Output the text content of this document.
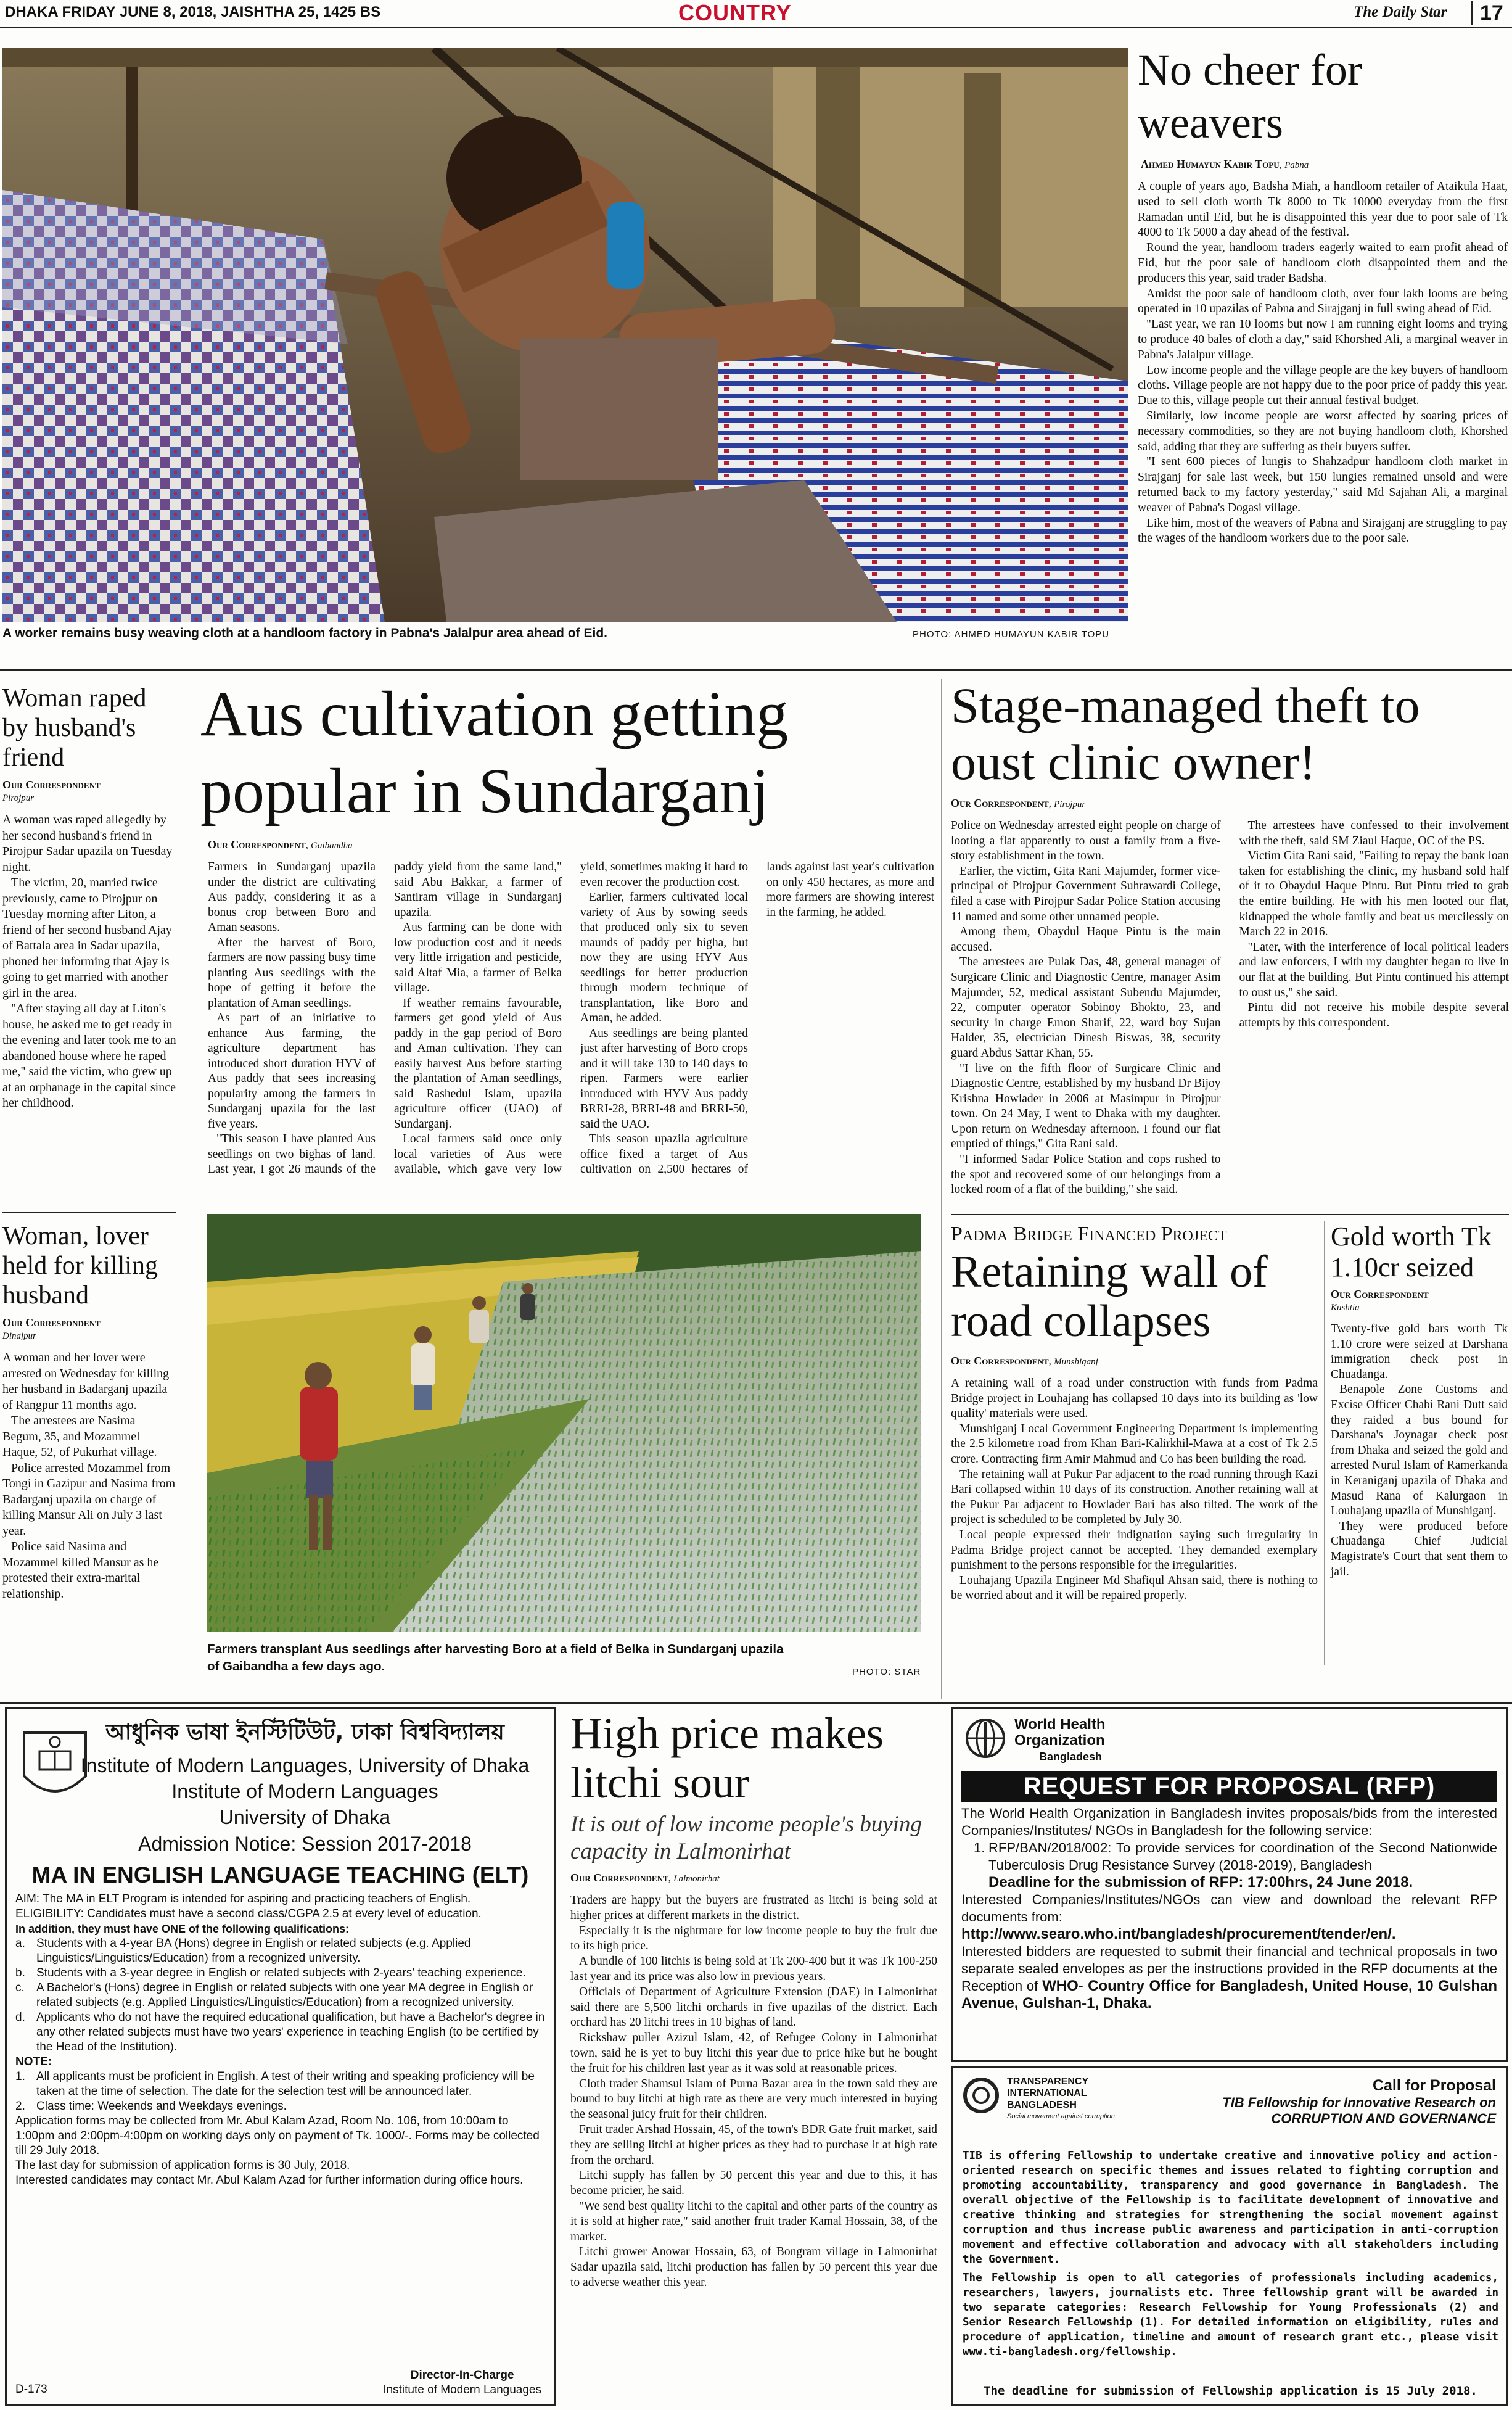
DHAKA FRIDAY JUNE 8, 2018, JAISHTHA 25, 1425 BS	COUNTRY	The Daily Star	17
A worker remains busy weaving cloth at a handloom factory in Pabna's Jalalpur area ahead of Eid.	PHOTO: AHMED HUMAYUN KABIR TOPU
No cheer for weavers
Ahmed Humayun Kabir Topu, Pabna

A couple of years ago, Badsha Miah, a handloom retailer of Ataikula Haat, used to sell cloth worth Tk 8000 to Tk 10000 everyday from the first Ramadan until Eid, but he is disappointed this year due to poor sale of Tk 4000 to Tk 5000 a day ahead of the festival.

Round the year, handloom traders eagerly waited to earn profit ahead of Eid, but the poor sale of handloom cloth disappointed them and the producers this year, said trader Badsha.

Amidst the poor sale of handloom cloth, over four lakh looms are being operated in 10 upazilas of Pabna and Sirajganj in full swing ahead of Eid.

"Last year, we ran 10 looms but now I am running eight looms and trying to produce 40 bales of cloth a day," said Khorshed Ali, a marginal weaver in Pabna's Jalalpur village.

Low income people and the village people are the key buyers of handloom cloths. Village people are not happy due to the poor price of paddy this year. Due to this, village people cut their annual festival budget.

Similarly, low income people are worst affected by soaring prices of necessary commodities, so they are not buying handloom cloth, Khorshed said, adding that they are suffering as their buyers suffer.

"I sent 600 pieces of lungis to Shahzadpur handloom cloth market in Sirajganj for sale last week, but 150 lungies remained unsold and were returned back to my factory yesterday," said Md Sajahan Ali, a marginal weaver of Pabna's Dogasi village.

Like him, most of the weavers of Pabna and Sirajganj are struggling to pay the wages of the handloom workers due to the poor sale.

Woman raped by husband's friend
Our Correspondent
Pirojpur

A woman was raped allegedly by her second husband's friend in Pirojpur Sadar upazila on Tuesday night.

The victim, 20, married twice previously, came to Pirojpur on Tuesday morning after Liton, a friend of her second husband Ajay of Battala area in Sadar upazila, phoned her informing that Ajay is going to get married with another girl in the area.

"After staying all day at Liton's house, he asked me to get ready in the evening and later took me to an abandoned house where he raped me," said the victim, who grew up at an orphanage in the capital since her childhood.

Woman, lover held for killing husband
Our Correspondent
Dinajpur

A woman and her lover were arrested on Wednesday for killing her husband in Badarganj upazila of Rangpur 11 months ago.

The arrestees are Nasima Begum, 35, and Mozammel Haque, 52, of Pukurhat village.

Police arrested Mozammel from Tongi in Gazipur and Nasima from Badarganj upazila on charge of killing Mansur Ali on July 3 last year.

Police said Nasima and Mozammel killed Mansur as he protested their extra-marital relationship.

Aus cultivation getting popular in Sundarganj
Our Correspondent, Gaibandha

Farmers in Sundarganj upazila under the district are cultivating Aus paddy, considering it as a bonus crop between Boro and Aman seasons.

After the harvest of Boro, farmers are now passing busy time planting Aus seedlings with the hope of getting it before the plantation of Aman seedlings.

As part of an initiative to enhance Aus farming, the agriculture department has introduced short duration HYV of Aus paddy that sees increasing popularity among the farmers in Sundarganj upazila for the last five years.

"This season I have planted Aus seedlings on two bighas of land. Last year, I got 26 maunds of the paddy yield from the same land," said Abu Bakkar, a farmer of Santiram village in Sundarganj upazila.

Aus farming can be done with low production cost and it needs very little irrigation and pesticide, said Altaf Mia, a farmer of Belka village.

If weather remains favourable, farmers get good yield of Aus paddy in the gap period of Boro and Aman cultivation. They can easily harvest Aus before starting the plantation of Aman seedlings, said Rashedul Islam, upazila agriculture officer (UAO) of Sundarganj.

Local farmers said once only local varieties of Aus were available, which gave very low yield, sometimes making it hard to even recover the production cost.

Earlier, farmers cultivated local variety of Aus by sowing seeds that produced only six to seven maunds of paddy per bigha, but now they are using HYV Aus seedlings for better production through modern technique of transplantation, like Boro and Aman, he added.

Aus seedlings are being planted just after harvesting of Boro crops and it will take 130 to 140 days to ripen. Farmers were earlier introduced with HYV Aus paddy BRRI-28, BRRI-48 and BRRI-50, said the UAO.

This season upazila agriculture office fixed a target of Aus cultivation on 2,500 hectares of lands against last year's cultivation on only 450 hectares, as more and more farmers are showing interest in the farming, he added.

Farmers transplant Aus seedlings after harvesting Boro at a field of Belka in Sundarganj upazila of Gaibandha a few days ago.	PHOTO: STAR
Stage-managed theft to oust clinic owner!
Our Correspondent, Pirojpur

Police on Wednesday arrested eight people on charge of looting a flat apparently to oust a family from a five-story establishment in the town.

Earlier, the victim, Gita Rani Majumder, former vice-principal of Pirojpur Government Suhrawardi College, filed a case with Pirojpur Sadar Police Station accusing 11 named and some other unnamed people.

Among them, Obaydul Haque Pintu is the main accused.

The arrestees are Pulak Das, 48, general manager of Surgicare Clinic and Diagnostic Centre, manager Asim Majumder, 52, medical assistant Subendu Majumder, 22, computer operator Sobinoy Bhokto, 23, and security in charge Emon Sharif, 22, ward boy Sujan Halder, 35, electrician Dinesh Biswas, 38, security guard Abdus Sattar Khan, 55.

"I live on the fifth floor of Surgicare Clinic and Diagnostic Centre, established by my husband Dr Bijoy Krishna Howlader in 2006 at Masimpur in Pirojpur town. On 24 May, I went to Dhaka with my daughter. Upon return on Wednesday afternoon, I found our flat emptied of things," Gita Rani said.

"I informed Sadar Police Station and cops rushed to the spot and recovered some of our belongings from a locked room of a flat of the building," she said.

The arrestees have confessed to their involvement with the theft, said SM Ziaul Haque, OC of the PS.

Victim Gita Rani said, "Failing to repay the bank loan taken for establishing the clinic, my husband sold half of it to Obaydul Haque Pintu. But Pintu tried to grab the entire building. He with his men looted our flat, kidnapped the whole family and beat us mercilessly on March 22 in 2016.

"Later, with the interference of local political leaders and law enforcers, I with my daughter began to live in our flat at the building. But Pintu continued his attempt to oust us," she said.

Pintu did not receive his mobile despite several attempts by this correspondent.

Padma Bridge Financed Project
Retaining wall of road collapses
Our Correspondent, Munshiganj

A retaining wall of a road under construction with funds from Padma Bridge project in Louhajang has collapsed 10 days into its building as 'low quality' materials were used.

Munshiganj Local Government Engineering Department is implementing the 2.5 kilometre road from Khan Bari-Kalirkhil-Mawa at a cost of Tk 2.5 crore. Contracting firm Amir Mahmud and Co has been building the road.

The retaining wall at Pukur Par adjacent to the road running through Kazi Bari collapsed within 10 days of its construction. Another retaining wall at the Pukur Par adjacent to Howlader Bari has also tilted. The work of the project is scheduled to be completed by July 30.

Local people expressed their indignation saying such irregularity in Padma Bridge project cannot be accepted. They demanded exemplary punishment to the persons responsible for the irregularities.

Louhajang Upazila Engineer Md Shafiqul Ahsan said, there is nothing to be worried about and it will be repaired properly.

Gold worth Tk 1.10cr seized
Our Correspondent
Kushtia

Twenty-five gold bars worth Tk 1.10 crore were seized at Darshana immigration check post in Chuadanga.

Benapole Zone Customs and Excise Officer Chabi Rani Dutt said they raided a bus bound for Darshana's Joynagar check post from Dhaka and seized the gold and arrested Nurul Islam of Ramerkanda in Keraniganj upazila of Dhaka and Masud Rana of Kalurgaon in Louhajang upazila of Munshiganj.

They were produced before Chuadanga Chief Judicial Magistrate's Court that sent them to jail.

আধুনিক ভাষা ইনস্টিটিউট, ঢাকা বিশ্ববিদ্যালয়
Institute of Modern Languages, University of Dhaka
Institute of Modern Languages
University of Dhaka
Admission Notice: Session 2017-2018
MA IN ENGLISH LANGUAGE TEACHING (ELT)
AIM: The MA in ELT Program is intended for aspiring and practicing teachers of English.
ELIGIBILITY: Candidates must have a second class/CGPA 2.5 at every level of education.
In addition, they must have ONE of the following qualifications:
a. Students with a 4-year BA (Hons) degree in English or related subjects (e.g. Applied Linguistics/Linguistics/Education) from a recognized university.
b. Students with a 3-year degree in English or related subjects with 2-years' teaching experience.
c.	A Bachelor's (Hons) degree in English or related subjects with one year MA degree in English or related subjects (e.g. Applied Linguistics/Linguistics/Education) from a recognized university.
d. Applicants who do not have the required educational qualification, but have a Bachelor's degree in any other related subjects must have two years' experience in teaching English (to be certified by the Head of the Institution).
NOTE:
1. All applicants must be proficient in English. A test of their writing and speaking proficiency will be taken at the time of selection. The date for the selection test will be announced later.
2. Class time: Weekends and Weekdays evenings.
Application forms may be collected from Mr. Abul Kalam Azad, Room No. 106, from 10:00am to 1:00pm and 2:00pm-4:00pm on working days only on payment of Tk. 1000/-. Forms may be collected till 29 July 2018.
The last day for submission of application forms is 30 July, 2018.
Interested candidates may contact Mr. Abul Kalam Azad for further information during office hours.
D-173
Director-In-Charge
Institute of Modern Languages
High price makes litchi sour
It is out of low income people's buying capacity in Lalmonirhat
Our Correspondent, Lalmonirhat

Traders are happy but the buyers are frustrated as litchi is being sold at higher prices at different markets in the district.

Especially it is the nightmare for low income people to buy the fruit due to its high price.

A bundle of 100 litchis is being sold at Tk 200-400 but it was Tk 100-250 last year and its price was also low in previous years.

Officials of Department of Agriculture Extension (DAE) in Lalmonirhat said there are 5,500 litchi orchards in five upazilas of the district. Each orchard has 20 litchi trees in 10 bighas of land.

Rickshaw puller Azizul Islam, 42, of Refugee Colony in Lalmonirhat town, said he is yet to buy litchi this year due to price hike but he bought the fruit for his children last year as it was sold at reasonable prices.

Cloth trader Shamsul Islam of Purna Bazar area in the town said they are bound to buy litchi at high rate as there are very much interested in buying the seasonal juicy fruit for their children.

Fruit trader Arshad Hossain, 45, of the town's BDR Gate fruit market, said they are selling litchi at higher prices as they had to purchase it at high rate from the orchard.

Litchi supply has fallen by 50 percent this year and due to this, it has become pricier, he said.

"We send best quality litchi to the capital and other parts of the country as it is sold at higher rate," said another fruit trader Kamal Hossain, 38, of the market.

Litchi grower Anowar Hossain, 63, of Bongram village in Lalmonirhat Sadar upazila said, litchi production has fallen by 50 percent this year due to adverse weather this year.

World Health
Organization
Bangladesh
REQUEST FOR PROPOSAL (RFP)
The World Health Organization in Bangladesh invites proposals/bids from the interested Companies/Institutes/ NGOs in Bangladesh for the following service:
1. RFP/BAN/2018/002: To provide services for coordination of the Second Nationwide Tuberculosis Drug Resistance Survey (2018-2019), Bangladesh
Deadline for the submission of RFP: 17:00hrs, 24 June 2018.
Interested Companies/Institutes/NGOs can view and download the relevant RFP documents from:
http://www.searo.who.int/bangladesh/procurement/tender/en/.
Interested bidders are requested to submit their financial and technical proposals in two separate sealed envelopes as per the instructions provided in the RFP documents at the Reception of WHO- Country Office for Bangladesh, United House, 10 Gulshan Avenue, Gulshan-1, Dhaka.
TRANSPARENCY
INTERNATIONAL
BANGLADESH
Social movement against corruption
Call for Proposal
TIB Fellowship for Innovative Research on
CORRUPTION AND GOVERNANCE
TIB is offering Fellowship to undertake creative and innovative policy and action-oriented research on specific themes and issues related to fighting corruption and promoting accountability, transparency and good governance in Bangladesh. The overall objective of the Fellowship is to facilitate development of innovative and creative thinking and strategies for strengthening the social movement against corruption and thus increase public awareness and participation in anti-corruption movement and effective collaboration and advocacy with all stakeholders including the Government.
The Fellowship is open to all categories of professionals including academics, researchers, lawyers, journalists etc. Three fellowship grant will be awarded in two separate categories: Research Fellowship for Young Professionals (2) and Senior Research Fellowship (1). For detailed information on eligibility, rules and procedure of application, timeline and amount of research grant etc., please visit www.ti-bangladesh.org/fellowship.
The deadline for submission of Fellowship application is 15 July 2018.
